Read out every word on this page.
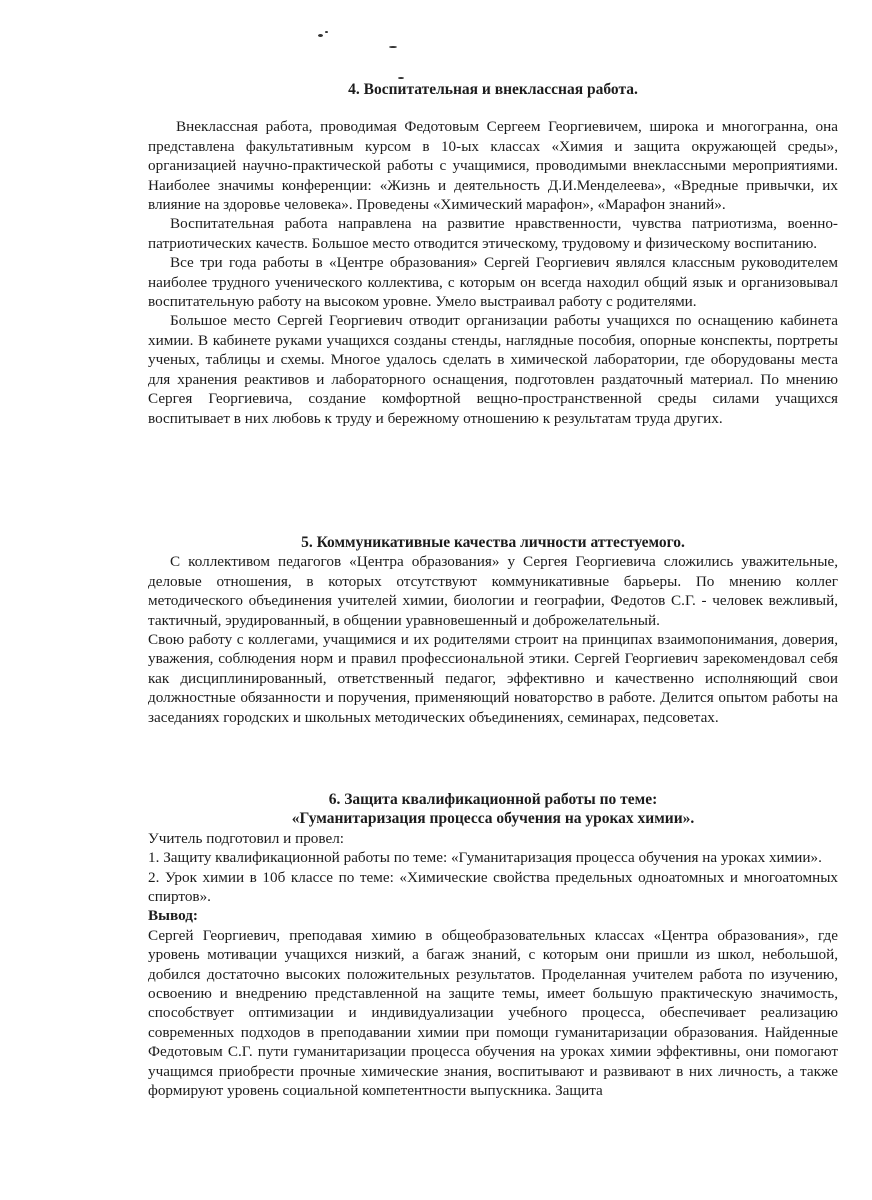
4. Воспитательная и внеклассная работа.

Внеклассная работа, проводимая Федотовым Сергеем Георгиевичем, широка и многогранна, она представлена факультативным курсом в 10-ых классах «Химия и защита окружающей среды», организацией научно-практической работы с учащимися, проводимыми внеклассными мероприятиями. Наиболее значимы конференции: «Жизнь и деятельность Д.И.Менделеева», «Вредные привычки, их влияние на здоровье человека». Проведены «Химический марафон», «Марафон знаний».

Воспитательная работа направлена на развитие нравственности, чувства патриотизма, военно-патриотических качеств. Большое место отводится этическому, трудовому и физическому воспитанию.

Все три года работы в «Центре образования» Сергей Георгиевич являлся классным руководителем наиболее трудного ученического коллектива, с которым он всегда находил общий язык и организовывал воспитательную работу на высоком уровне. Умело выстраивал работу с родителями.

Большое место Сергей Георгиевич отводит организации работы учащихся по оснащению кабинета химии. В кабинете руками учащихся созданы стенды, наглядные пособия, опорные конспекты, портреты ученых, таблицы и схемы. Многое удалось сделать в химической лаборатории, где оборудованы места для хранения реактивов и лабораторного оснащения, подготовлен раздаточный материал. По мнению Сергея Георгиевича, создание комфортной вещно-пространственной среды силами учащихся воспитывает в них любовь к труду и бережному отношению к результатам труда других.

5. Коммуникативные качества личности аттестуемого.

С коллективом педагогов «Центра образования» у Сергея Георгиевича сложились уважительные, деловые отношения, в которых отсутствуют коммуникативные барьеры. По мнению коллег методического объединения учителей химии, биологии и географии, Федотов С.Г. - человек вежливый, тактичный, эрудированный, в общении уравновешенный и доброжелательный.

Свою работу с коллегами, учащимися и их родителями строит на принципах взаимопонимания, доверия, уважения, соблюдения норм и правил профессиональной этики. Сергей Георгиевич зарекомендовал себя как дисциплинированный, ответственный педагог, эффективно и качественно исполняющий свои должностные обязанности и поручения, применяющий новаторство в работе. Делится опытом работы на заседаниях городских и школьных методических объединениях, семинарах, педсоветах.

6. Защита квалификационной работы по теме:
«Гуманитаризация процесса обучения на уроках химии».

Учитель подготовил и провел:

1. Защиту квалификационной работы по теме: «Гуманитаризация процесса обучения на уроках химии».

2. Урок химии в 10б классе по теме: «Химические свойства предельных одноатомных и многоатомных спиртов».

Вывод:

Сергей Георгиевич, преподавая химию в общеобразовательных классах «Центра образования», где уровень мотивации учащихся низкий, а багаж знаний, с которым они пришли из школ, небольшой, добился достаточно высоких положительных результатов. Проделанная учителем работа по изучению, освоению и внедрению представленной на защите темы, имеет большую практическую значимость, способствует оптимизации и индивидуализации учебного процесса, обеспечивает реализацию современных подходов в преподавании химии при помощи гуманитаризации образования. Найденные Федотовым С.Г. пути гуманитаризации процесса обучения на уроках химии эффективны, они помогают учащимся приобрести прочные химические знания, воспитывают и развивают в них личность, а также формируют уровень социальной компетентности выпускника. Защита
